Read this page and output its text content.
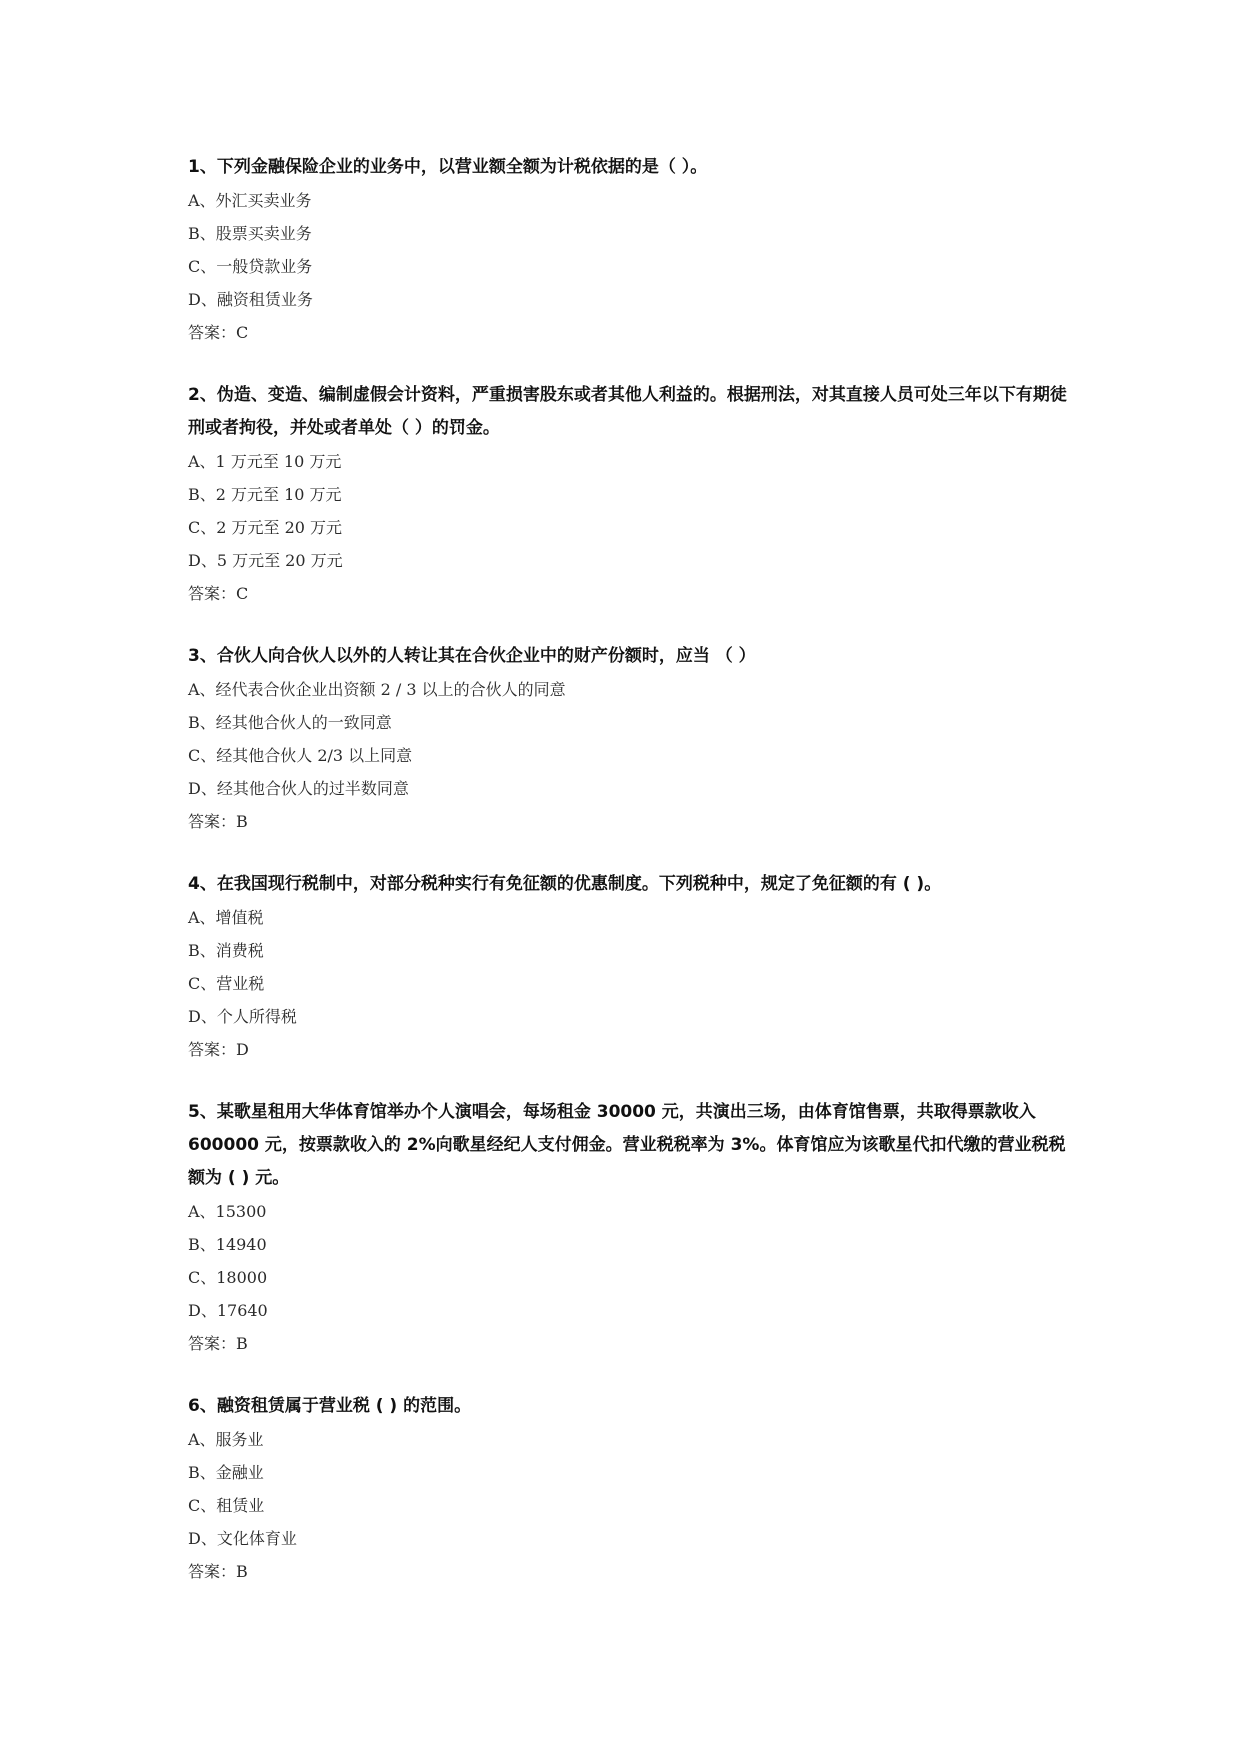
1、下列金融保险企业的业务中，以营业额全额为计税依据的是（ ）。

A、外汇买卖业务

B、股票买卖业务

C、一般贷款业务

D、融资租赁业务

答案：C

2、伪造、变造、编制虚假会计资料，严重损害股东或者其他人利益的。根据刑法，对其直接人员可处三年以下有期徒刑或者拘役，并处或者单处（ ）的罚金。

A、1 万元至 10 万元

B、2 万元至 10 万元

C、2 万元至 20 万元

D、5 万元至 20 万元

答案：C

3、合伙人向合伙人以外的人转让其在合伙企业中的财产份额时，应当 （ ）

A、经代表合伙企业出资额 2 / 3 以上的合伙人的同意

B、经其他合伙人的一致同意

C、经其他合伙人 2/3 以上同意

D、经其他合伙人的过半数同意

答案：B

4、在我国现行税制中，对部分税种实行有免征额的优惠制度。下列税种中，规定了免征额的有 ( )。

A、增值税

B、消费税

C、营业税

D、个人所得税

答案：D

5、某歌星租用大华体育馆举办个人演唱会，每场租金 30000 元，共演出三场，由体育馆售票，共取得票款收入 600000 元，按票款收入的 2%向歌星经纪人支付佣金。营业税税率为 3%。体育馆应为该歌星代扣代缴的营业税税额为 ( ) 元。

A、15300

B、14940

C、18000

D、17640

答案：B

6、融资租赁属于营业税 ( ) 的范围。

A、服务业

B、金融业

C、租赁业

D、文化体育业

答案：B
